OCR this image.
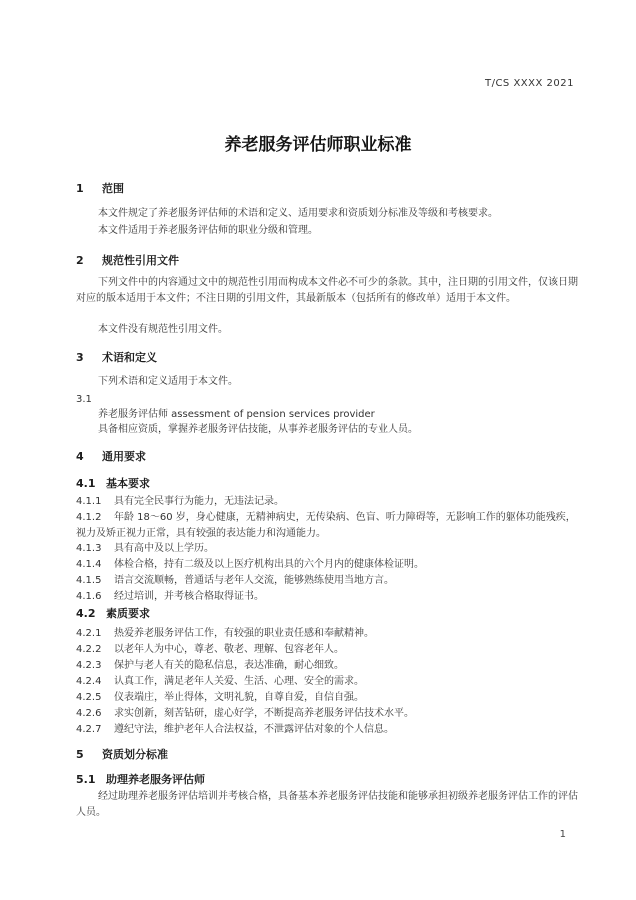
T/CS XXXX 2021
养老服务评估师职业标准
1 范围
本文件规定了养老服务评估师的术语和定义、适用要求和资质划分标准及等级和考核要求。
本文件适用于养老服务评估师的职业分级和管理。
2 规范性引用文件
下列文件中的内容通过文中的规范性引用而构成本文件必不可少的条款。其中，注日期的引用文件，仅该日期对应的版本适用于本文件；不注日期的引用文件，其最新版本（包括所有的修改单）适用于本文件。
本文件没有规范性引用文件。
3 术语和定义
下列术语和定义适用于本文件。
3.1
养老服务评估师 assessment of pension services provider
具备相应资质，掌握养老服务评估技能，从事养老服务评估的专业人员。
4 通用要求
4.1 基本要求
4.1.1 具有完全民事行为能力，无违法记录。
4.1.2 年龄 18～60 岁，身心健康，无精神病史，无传染病、色盲、听力障碍等，无影响工作的躯体功能残疾，视力及矫正视力正常，具有较强的表达能力和沟通能力。
4.1.3 具有高中及以上学历。
4.1.4 体检合格，持有二级及以上医疗机构出具的六个月内的健康体检证明。
4.1.5 语言交流顺畅，普通话与老年人交流，能够熟练使用当地方言。
4.1.6 经过培训，并考核合格取得证书。
4.2 素质要求
4.2.1 热爱养老服务评估工作，有较强的职业责任感和奉献精神。
4.2.2 以老年人为中心，尊老、敬老、理解、包容老年人。
4.2.3 保护与老人有关的隐私信息，表达准确，耐心细致。
4.2.4 认真工作，满足老年人关爱、生活、心理、安全的需求。
4.2.5 仪表端庄，举止得体，文明礼貌，自尊自爱，自信自强。
4.2.6 求实创新，刻苦钻研，虚心好学，不断提高养老服务评估技术水平。
4.2.7 遵纪守法，维护老年人合法权益，不泄露评估对象的个人信息。
5 资质划分标准
5.1 助理养老服务评估师
经过助理养老服务评估培训并考核合格，具备基本养老服务评估技能和能够承担初级养老服务评估工作的评估人员。
1
